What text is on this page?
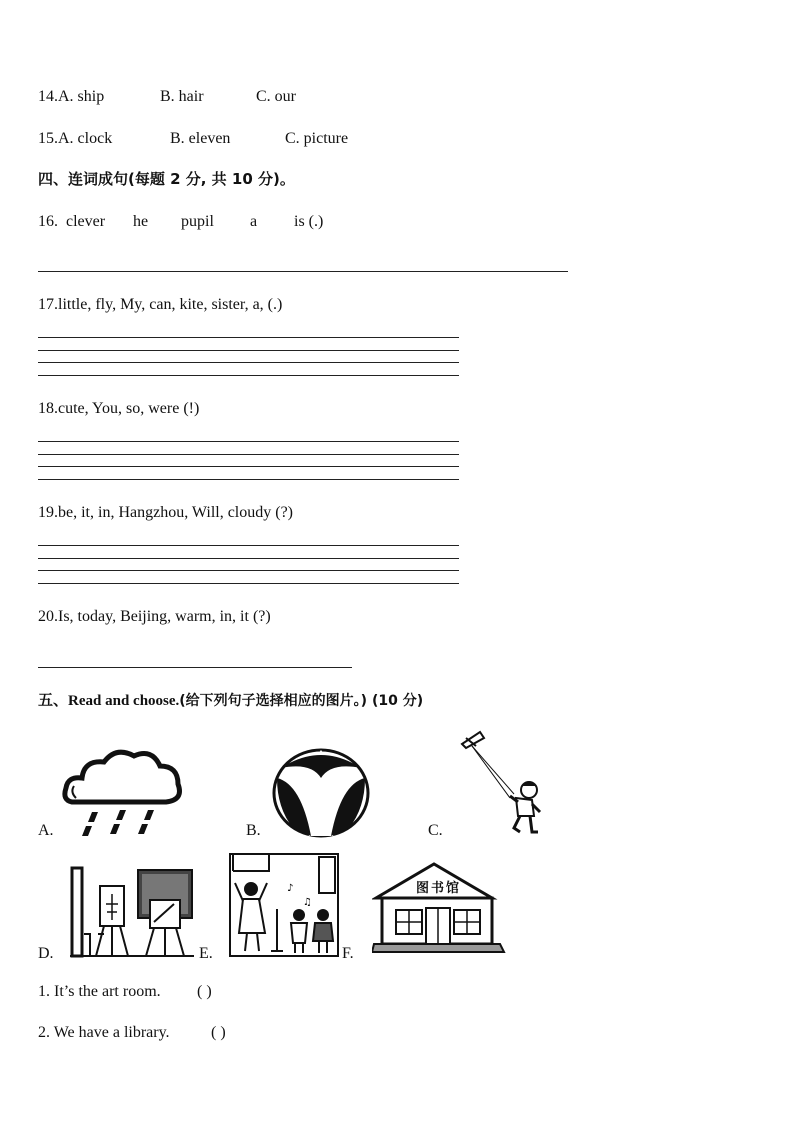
14.A. ship	B. hair	C. our
15.A. clock	B. eleven	C. picture
四、连词成句(每题 2 分, 共 10 分)。
16. clever he pupil a is (.)
17.little, fly, My, can, kite, sister, a, (.)
18.cute, You, so, were (!)
19.be, it, in, Hangzhou, Will, cloudy (?)
20.Is, today, Beijing, warm, in, it (?)
五、Read and choose.(给下列句子选择相应的图片。) (10 分)
A.	B.	C.
D.
♪
♫
E.
图书馆
F.
1. It’s the art room. ( )
2. We have a library.	( )
